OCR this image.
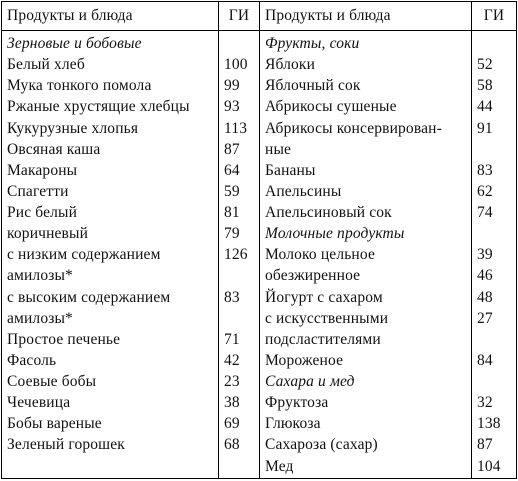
Продукты и блюда	ГИ	Продукты и блюда	ГИ
Зерновые и бобовые		Фрукты, соки	
Белый хлеб	100	Яблоки	52
Мука тонкого помола	99	Яблочный сок	58
Ржаные хрустящие хлебцы	93	Абрикосы сушеные	44
Кукурузные хлопья	113	Абрикосы консервирован-	91
Овсяная каша	87	ные	
Макароны	64	Бананы	83
Спагетти	59	Апельсины	62
Рис белый	81	Апельсиновый сок	74
коричневый	79	Молочные продукты	
с низким содержанием	126	Молоко цельное	39
амилозы*		обезжиренное	46
с высоким содержанием	83	Йогурт с сахаром	48
амилозы*		с искусственными	27
Простое печенье	71	подсластителями	
Фасоль	42	Мороженое	84
Соевые бобы	23	Сахара и мед	
Чечевица	38	Фруктоза	32
Бобы вареные	69	Глюкоза	138
Зеленый горошек	68	Сахароза (сахар)	87
		Мед	104
